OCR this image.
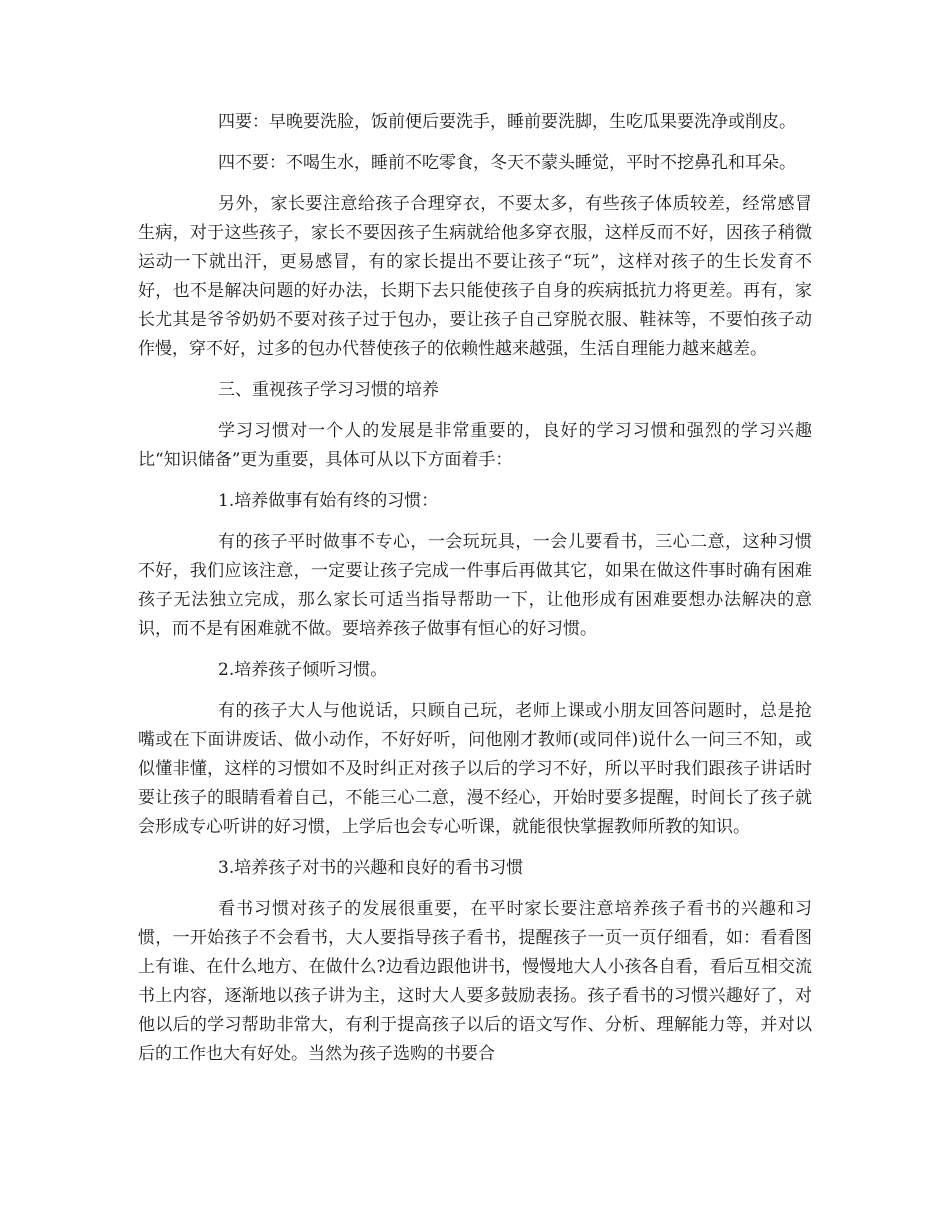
四要：早晚要洗脸，饭前便后要洗手，睡前要洗脚，生吃瓜果要洗净或削皮。

四不要：不喝生水，睡前不吃零食，冬天不蒙头睡觉，平时不挖鼻孔和耳朵。

另外，家长要注意给孩子合理穿衣，不要太多，有些孩子体质较差，经常感冒生病，对于这些孩子，家长不要因孩子生病就给他多穿衣服，这样反而不好，因孩子稍微运动一下就出汗，更易感冒，有的家长提出不要让孩子“玩”，这样对孩子的生长发育不好，也不是解决问题的好办法，长期下去只能使孩子自身的疾病抵抗力将更差。再有，家长尤其是爷爷奶奶不要对孩子过于包办，要让孩子自己穿脱衣服、鞋袜等，不要怕孩子动作慢，穿不好，过多的包办代替使孩子的依赖性越来越强，生活自理能力越来越差。

三、重视孩子学习习惯的培养

学习习惯对一个人的发展是非常重要的，良好的学习习惯和强烈的学习兴趣比“知识储备”更为重要，具体可从以下方面着手：

1.培养做事有始有终的习惯：

有的孩子平时做事不专心，一会玩玩具，一会儿要看书，三心二意，这种习惯不好，我们应该注意，一定要让孩子完成一件事后再做其它，如果在做这件事时确有困难孩子无法独立完成，那么家长可适当指导帮助一下，让他形成有困难要想办法解决的意识，而不是有困难就不做。要培养孩子做事有恒心的好习惯。

2.培养孩子倾听习惯。

有的孩子大人与他说话，只顾自己玩，老师上课或小朋友回答问题时，总是抢嘴或在下面讲废话、做小动作，不好好听，问他刚才教师(或同伴)说什么一问三不知，或似懂非懂，这样的习惯如不及时纠正对孩子以后的学习不好，所以平时我们跟孩子讲话时要让孩子的眼睛看着自己，不能三心二意，漫不经心，开始时要多提醒，时间长了孩子就会形成专心听讲的好习惯，上学后也会专心听课，就能很快掌握教师所教的知识。

3.培养孩子对书的兴趣和良好的看书习惯

看书习惯对孩子的发展很重要，在平时家长要注意培养孩子看书的兴趣和习惯，一开始孩子不会看书，大人要指导孩子看书，提醒孩子一页一页仔细看，如：看看图上有谁、在什么地方、在做什么?边看边跟他讲书，慢慢地大人小孩各自看，看后互相交流书上内容，逐渐地以孩子讲为主，这时大人要多鼓励表扬。孩子看书的习惯兴趣好了，对他以后的学习帮助非常大，有利于提高孩子以后的语文写作、分析、理解能力等，并对以后的工作也大有好处。当然为孩子选购的书要合
